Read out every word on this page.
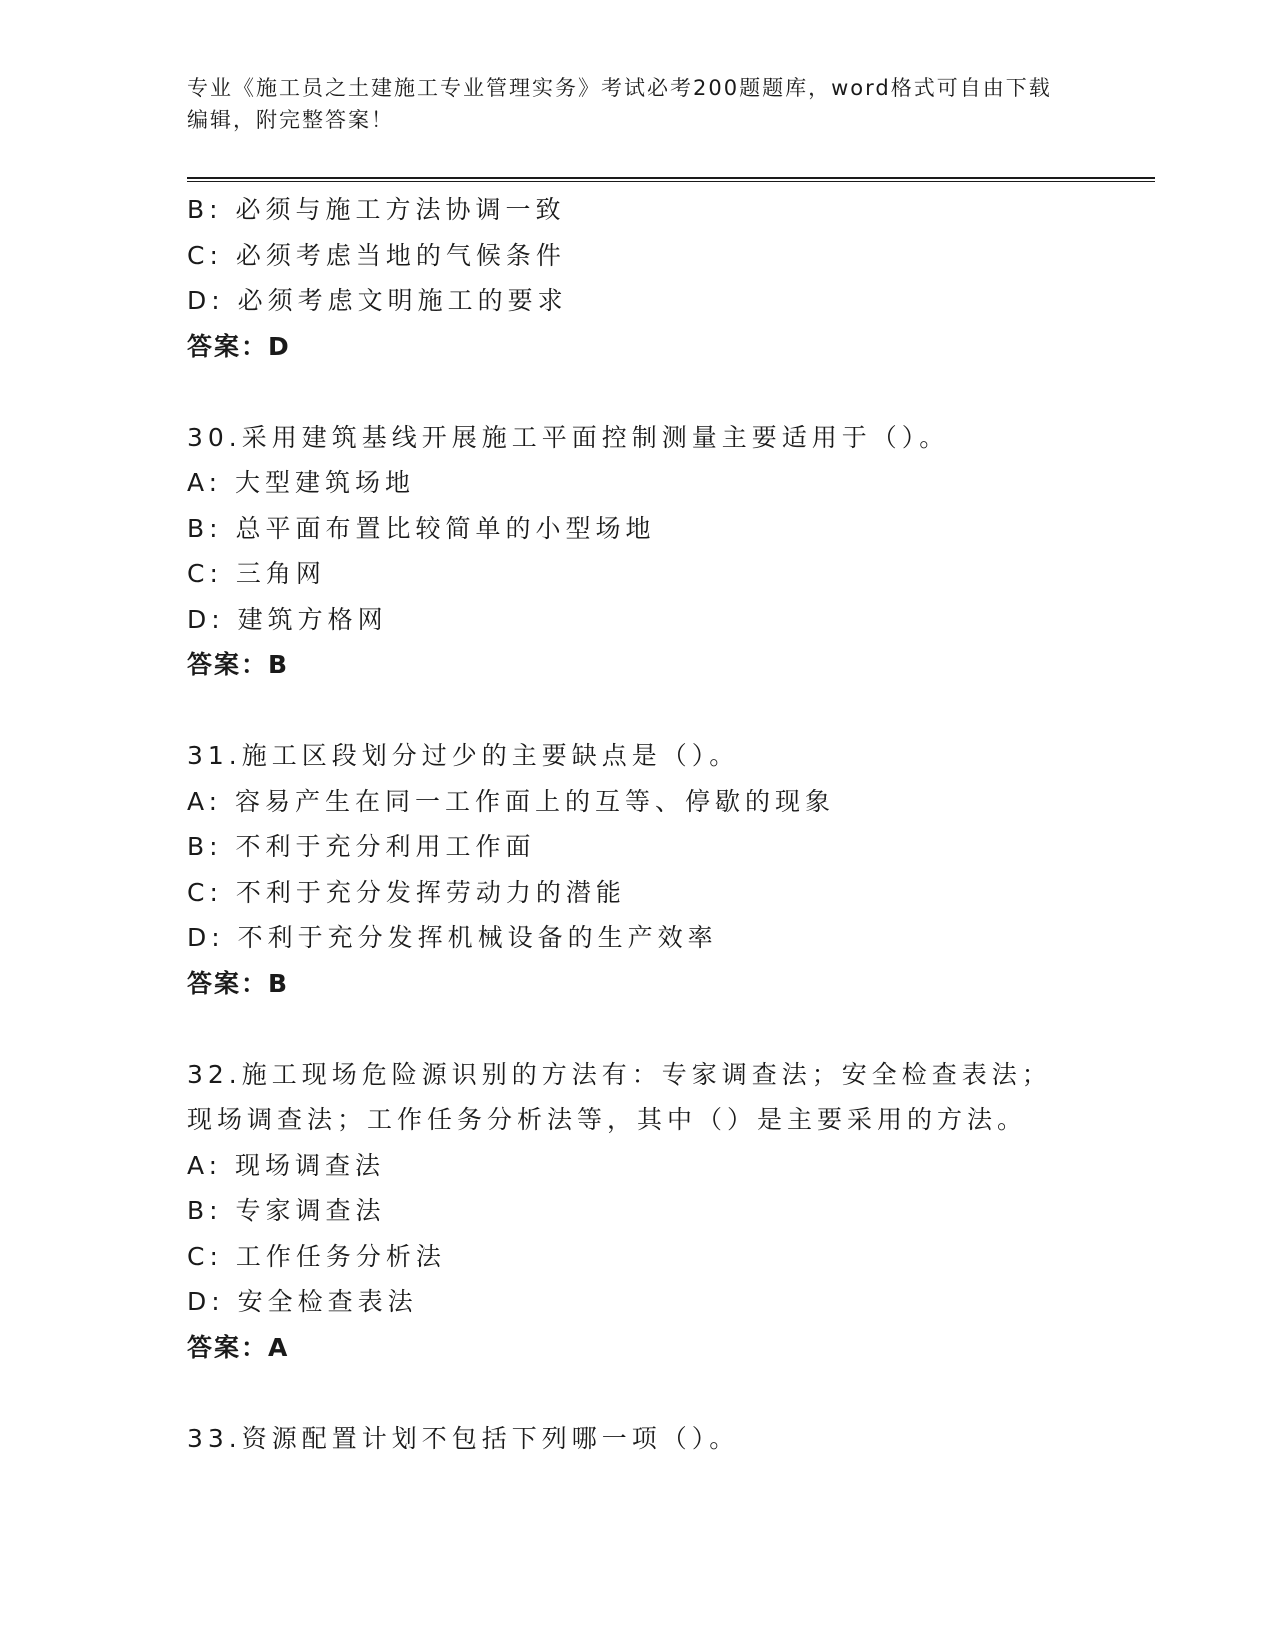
专业《施工员之土建施工专业管理实务》考试必考200题题库，word格式可自由下载编辑，附完整答案！
B: 必须与施工方法协调一致
C: 必须考虑当地的气候条件
D: 必须考虑文明施工的要求
答案：D
30.采用建筑基线开展施工平面控制测量主要适用于（）。
A: 大型建筑场地
B: 总平面布置比较简单的小型场地
C: 三角网
D: 建筑方格网
答案：B
31.施工区段划分过少的主要缺点是（）。
A: 容易产生在同一工作面上的互等、停歇的现象
B: 不利于充分利用工作面
C: 不利于充分发挥劳动力的潜能
D: 不利于充分发挥机械设备的生产效率
答案：B
32.施工现场危险源识别的方法有：专家调查法；安全检查表法；现场调查法；工作任务分析法等，其中（）是主要采用的方法。
A: 现场调查法
B: 专家调查法
C: 工作任务分析法
D: 安全检查表法
答案：A
33.资源配置计划不包括下列哪一项（）。
